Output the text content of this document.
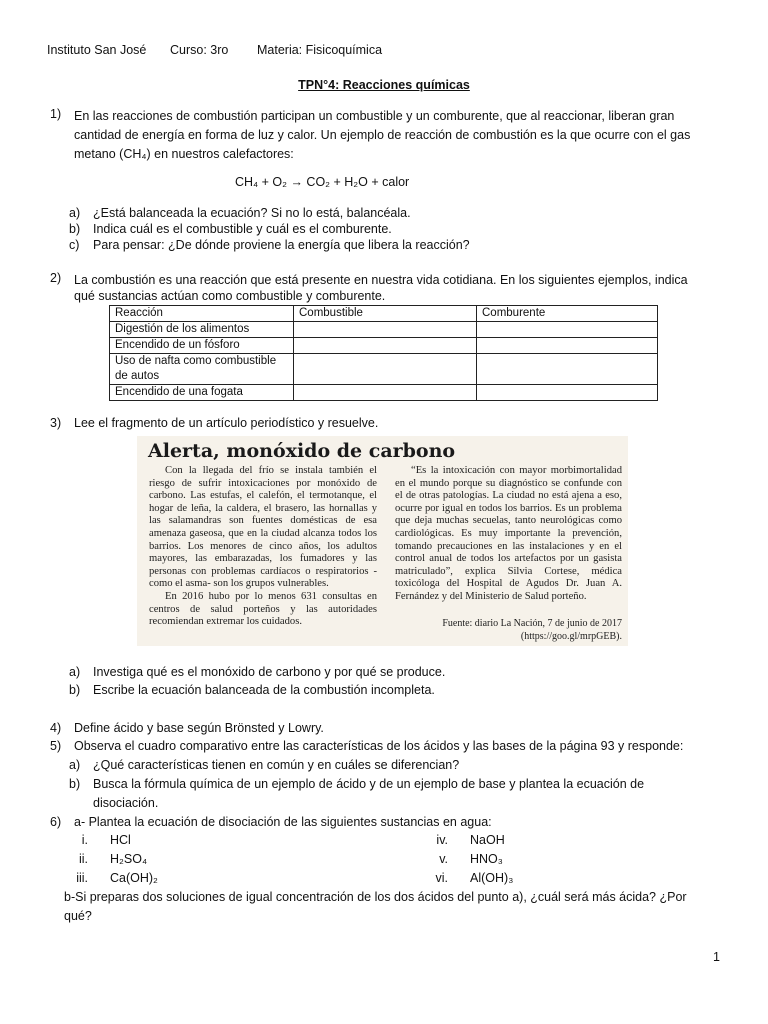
Instituto San José Curso: 3ro Materia: Fisicoquímica
TPN°4: Reacciones químicas
1) En las reacciones de combustión participan un combustible y un comburente, que al reaccionar, liberan gran
cantidad de energía en forma de luz y calor. Un ejemplo de reacción de combustión es la que ocurre con el gas
metano (CH₄) en nuestros calefactores:
CH₄ + O₂ → CO₂ + H₂O + calor
a) ¿Está balanceada la ecuación? Si no lo está, balancéala.
b) Indica cuál es el combustible y cuál es el comburente.
c) Para pensar: ¿De dónde proviene la energía que libera la reacción?
2) La combustión es una reacción que está presente en nuestra vida cotidiana. En los siguientes ejemplos, indica
qué sustancias actúan como combustible y comburente.
Reacción	Combustible	Comburente
Digestión de los alimentos		
Encendido de un fósforo		
Uso de nafta como combustible de autos		
Encendido de una fogata		
3) Lee el fragmento de un artículo periodístico y resuelve.
Alerta, monóxido de carbono

Con la llegada del frío se instala también el riesgo de sufrir intoxicaciones por monóxido de carbono. Las estufas, el calefón, el termotanque, el hogar de leña, la caldera, el brasero, las hornallas y las salamandras son fuentes domésticas de esa amenaza gaseosa, que en la ciudad alcanza todos los barrios. Los menores de cinco años, los adultos mayores, las embarazadas, los fumadores y las personas con problemas cardíacos o respiratorios -como el asma- son los grupos vulnerables.

En 2016 hubo por lo menos 631 consultas en centros de salud porteños y las autoridades recomiendan extremar los cuidados.

“Es la intoxicación con mayor morbimortalidad en el mundo porque su diagnóstico se confunde con el de otras patologías. La ciudad no está ajena a eso, ocurre por igual en todos los barrios. Es un problema que deja muchas secuelas, tanto neurológicas como cardiológicas. Es muy importante la prevención, tomando precauciones en las instalaciones y en el control anual de todos los artefactos por un gasista matriculado”, explica Silvia Cortese, médica toxicóloga del Hospital de Agudos Dr. Juan A. Fernández y del Ministerio de Salud porteño.

Fuente: diario La Nación, 7 de junio de 2017
(https://goo.gl/mrpGEB).
a) Investiga qué es el monóxido de carbono y por qué se produce.
b) Escribe la ecuación balanceada de la combustión incompleta.
4) Define ácido y base según Brönsted y Lowry.
5) Observa el cuadro comparativo entre las características de los ácidos y las bases de la página 93 y responde:
a) ¿Qué características tienen en común y en cuáles se diferencian?
b) Busca la fórmula química de un ejemplo de ácido y de un ejemplo de base y plantea la ecuación de
disociación.
6) a- Plantea la ecuación de disociación de las siguientes sustancias en agua:
i. HCl
ii. H₂SO₄
iii. Ca(OH)₂
iv. NaOH
v. HNO₃
vi. Al(OH)₃
b-Si preparas dos soluciones de igual concentración de los dos ácidos del punto a), ¿cuál será más ácida? ¿Por
qué?
1
